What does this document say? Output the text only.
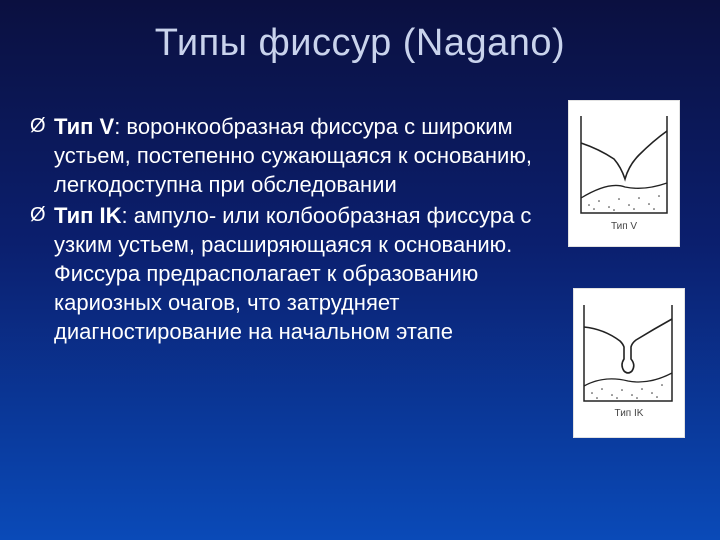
Типы фиссур (Nagano)
Ø Тип V: воронкообразная фиссура с широким устьем, постепенно сужающаяся к основанию, легкодоступна при обследовании
Ø Тип IK: ампуло- или колбообразная фиссура с узким устьем, расширяющаяся к основанию. Фиссура предрасполагает к образованию кариозных очагов, что затрудняет диагностирование на начальном этапе
Тип V
Тип IK
